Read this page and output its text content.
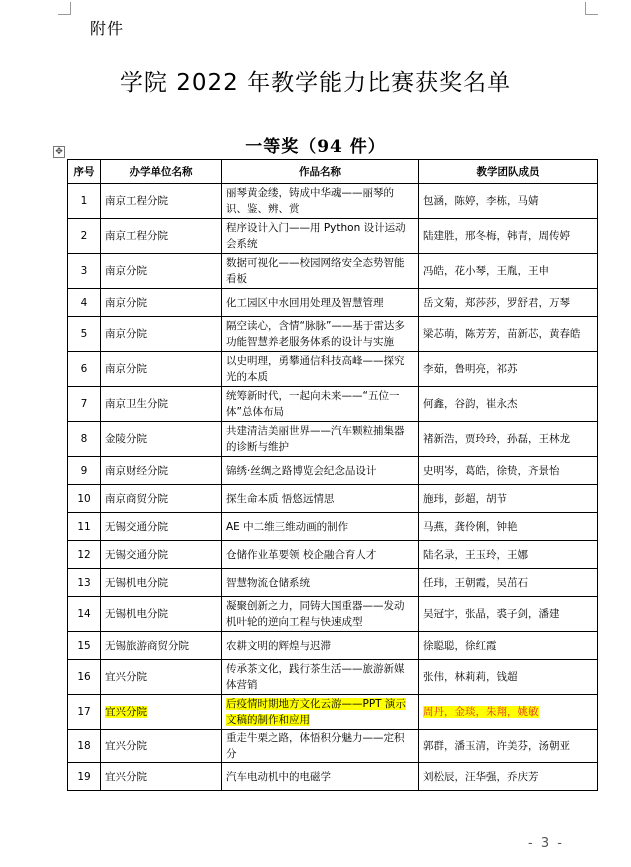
附件
学院 2022 年教学能力比赛获奖名单
一等奖（94 件）
✥
序号	办学单位名称	作品名称	教学团队成员
1	南京工程分院	丽琴黄金缕，铸成中华魂——丽琴的识、鉴、辨、赏	包涵，陈婷，李栋，马婧
2	南京工程分院	程序设计入门——用 Python 设计运动会系统	陆建胜，邢冬梅，韩青，周传婷
3	南京分院	数据可视化——校园网络安全态势智能看板	冯皓，花小琴，王胤，王申
4	南京分院	化工园区中水回用处理及智慧管理	岳文菊，郑莎莎，罗舒君，万琴
5	南京分院	隔空读心，含情“脉脉”——基于雷达多功能智慧养老服务体系的设计与实施	梁芯萌，陈芳芳，苗新芯，黄春皓
6	南京分院	以史明理，勇攀通信科技高峰——探究光的本质	李茹，鲁明亮，祁苏
7	南京卫生分院	统筹新时代，一起向未来——“五位一体”总体布局	何鑫，谷韵，崔永杰
8	金陵分院	共建清洁美丽世界——汽车颗粒捕集器的诊断与维护	褚新浩，贾玲玲，孙磊，王林龙
9	南京财经分院	锦绣·丝绸之路博览会纪念品设计	史明岑，葛皓，徐贽，齐景怡
10	南京商贸分院	探生命本质 悟悠远情思	施玮，彭超，胡节
11	无锡交通分院	AE 中二维三维动画的制作	马燕，龚伶俐，钟艳
12	无锡交通分院	仓储作业革要领 校企融合育人才	陆名录，王玉玲，王娜
13	无锡机电分院	智慧物流仓储系统	任玮，王朝霞，吴茁石
14	无锡机电分院	凝聚创新之力，同铸大国重器——发动机叶轮的逆向工程与快速成型	吴冠宇，张晶，裘子剑，潘建
15	无锡旅游商贸分院	农耕文明的辉煌与迟滞	徐聪聪，徐红霞
16	宜兴分院	传承茶文化，践行茶生活——旅游新媒体营销	张伟，林莉莉，钱超
17	宜兴分院	后疫情时期地方文化云游——PPT 演示文稿的制作和应用	周丹，金琰，朱翔，姚敏
18	宜兴分院	重走牛栗之路，体悟积分魅力——定积分	郭群，潘玉清，许美芬，汤朝亚
19	宜兴分院	汽车电动机中的电磁学	刘松辰，汪华强，乔庆芳
- 3 -
